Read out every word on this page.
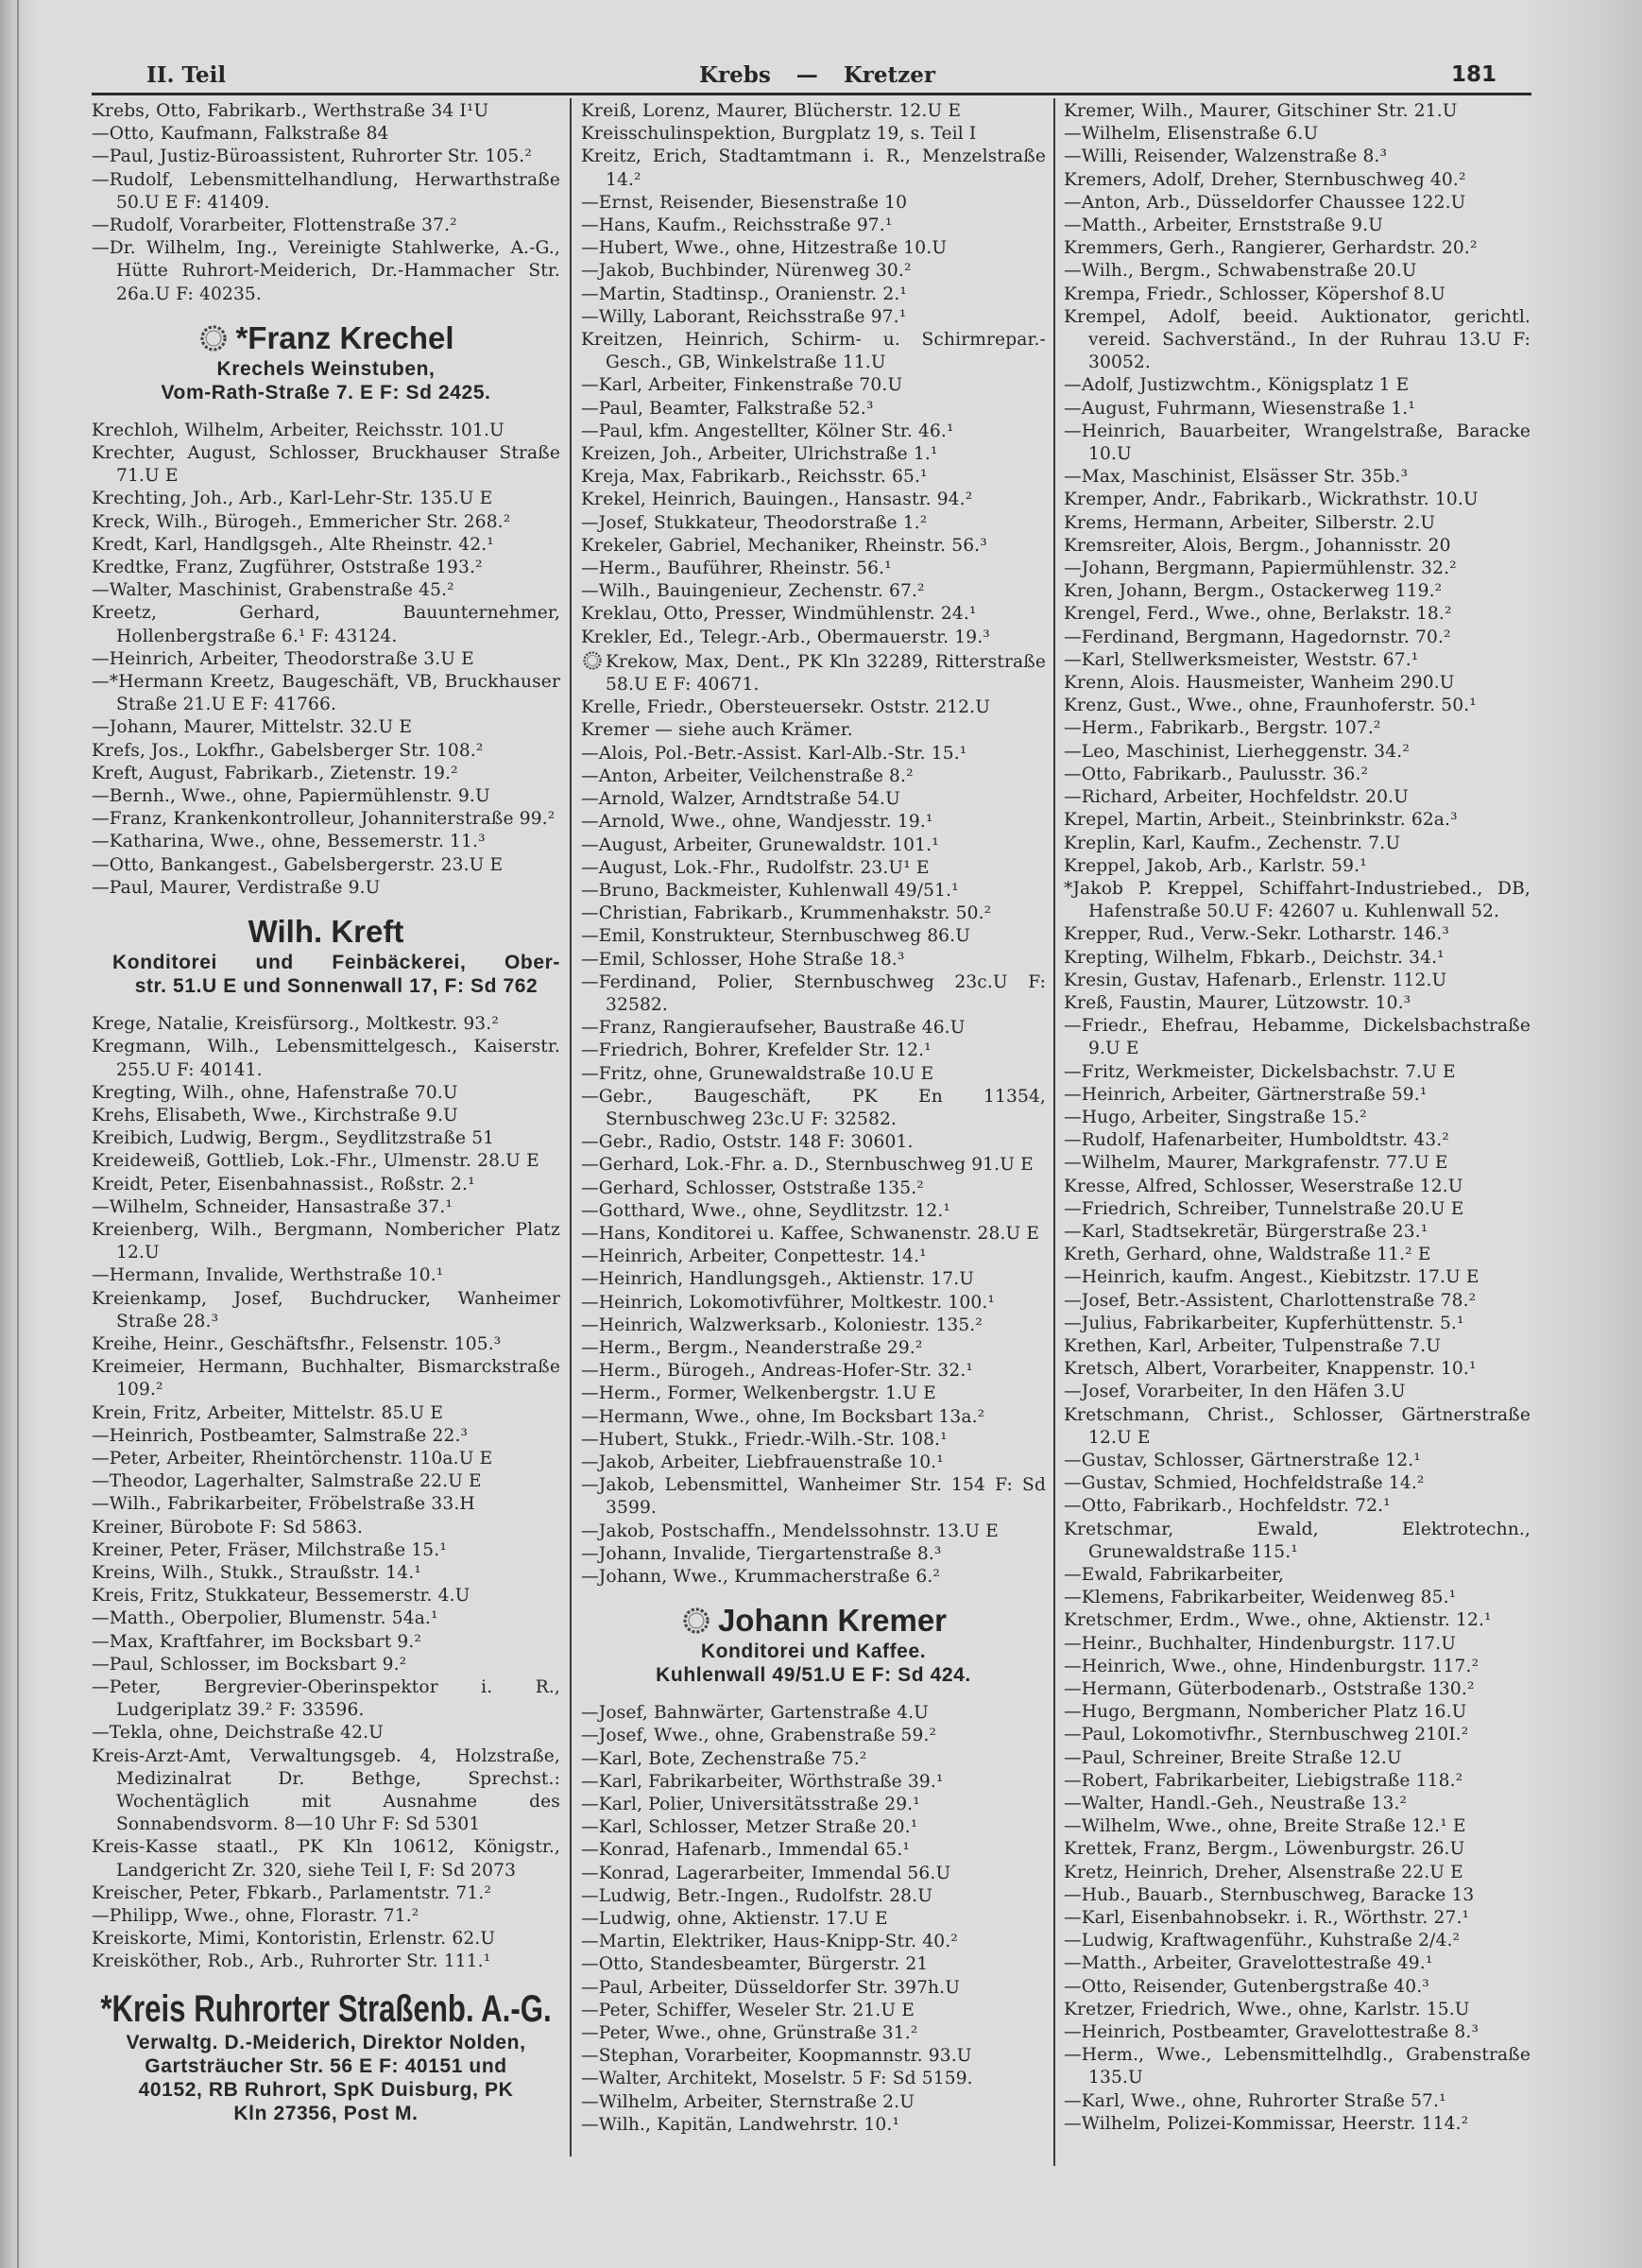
II. Teil	Krebs — Kretzer	181
Krebs, Otto, Fabrikarb., Werthstraße 34 I¹U
—Otto, Kaufmann, Falkstraße 84
—Paul, Justiz-Büroassistent, Ruhrorter Str. 105.²
—Rudolf, Lebensmittelhandlung, Herwarthstraße 50.U E F: 41409.
—Rudolf, Vorarbeiter, Flottenstraße 37.²
—Dr. Wilhelm, Ing., Vereinigte Stahlwerke, A.-G., Hütte Ruhrort-Meiderich, Dr.-Hammacher Str. 26a.U F: 40235.
*Franz Krechel
Krechels Weinstuben,
Vom-Rath-Straße 7. E F: Sd 2425.
Krechloh, Wilhelm, Arbeiter, Reichsstr. 101.U
Krechter, August, Schlosser, Bruckhauser Straße 71.U E
Krechting, Joh., Arb., Karl-Lehr-Str. 135.U E
Kreck, Wilh., Bürogeh., Emmericher Str. 268.²
Kredt, Karl, Handlgsgeh., Alte Rheinstr. 42.¹
Kredtke, Franz, Zugführer, Oststraße 193.²
—Walter, Maschinist, Grabenstraße 45.²
Kreetz, Gerhard, Bauunternehmer, Hollenbergstraße 6.¹ F: 43124.
—Heinrich, Arbeiter, Theodorstraße 3.U E
—*Hermann Kreetz, Baugeschäft, VB, Bruckhauser Straße 21.U E F: 41766.
—Johann, Maurer, Mittelstr. 32.U E
Krefs, Jos., Lokfhr., Gabelsberger Str. 108.²
Kreft, August, Fabrikarb., Zietenstr. 19.²
—Bernh., Wwe., ohne, Papiermühlenstr. 9.U
—Franz, Krankenkontrolleur, Johanniterstraße 99.²
—Katharina, Wwe., ohne, Bessemerstr. 11.³
—Otto, Bankangest., Gabelsbergerstr. 23.U E
—Paul, Maurer, Verdistraße 9.U
Wilh. Kreft
Konditorei und Feinbäckerei, Ober-
str. 51.U E und Sonnenwall 17, F: Sd 762
Krege, Natalie, Kreisfürsorg., Moltkestr. 93.²
Kregmann, Wilh., Lebensmittelgesch., Kaiserstr. 255.U F: 40141.
Kregting, Wilh., ohne, Hafenstraße 70.U
Krehs, Elisabeth, Wwe., Kirchstraße 9.U
Kreibich, Ludwig, Bergm., Seydlitzstraße 51
Kreideweiß, Gottlieb, Lok.-Fhr., Ulmenstr. 28.U E
Kreidt, Peter, Eisenbahnassist., Roßstr. 2.¹
—Wilhelm, Schneider, Hansastraße 37.¹
Kreienberg, Wilh., Bergmann, Nombericher Platz 12.U
—Hermann, Invalide, Werthstraße 10.¹
Kreienkamp, Josef, Buchdrucker, Wanheimer Straße 28.³
Kreihe, Heinr., Geschäftsfhr., Felsenstr. 105.³
Kreimeier, Hermann, Buchhalter, Bismarckstraße 109.²
Krein, Fritz, Arbeiter, Mittelstr. 85.U E
—Heinrich, Postbeamter, Salmstraße 22.³
—Peter, Arbeiter, Rheintörchenstr. 110a.U E
—Theodor, Lagerhalter, Salmstraße 22.U E
—Wilh., Fabrikarbeiter, Fröbelstraße 33.H
Kreiner, Bürobote F: Sd 5863.
Kreiner, Peter, Fräser, Milchstraße 15.¹
Kreins, Wilh., Stukk., Straußstr. 14.¹
Kreis, Fritz, Stukkateur, Bessemerstr. 4.U
—Matth., Oberpolier, Blumenstr. 54a.¹
—Max, Kraftfahrer, im Bocksbart 9.²
—Paul, Schlosser, im Bocksbart 9.²
—Peter, Bergrevier-Oberinspektor i. R., Ludgeriplatz 39.² F: 33596.
—Tekla, ohne, Deichstraße 42.U
Kreis-Arzt-Amt, Verwaltungsgeb. 4, Holzstraße, Medizinalrat Dr. Bethge, Sprechst.: Wochentäglich mit Ausnahme des Sonnabendsvorm. 8—10 Uhr F: Sd 5301
Kreis-Kasse staatl., PK Kln 10612, Königstr., Landgericht Zr. 320, siehe Teil I, F: Sd 2073
Kreischer, Peter, Fbkarb., Parlamentstr. 71.²
—Philipp, Wwe., ohne, Florastr. 71.²
Kreiskorte, Mimi, Kontoristin, Erlenstr. 62.U
Kreisköther, Rob., Arb., Ruhrorter Str. 111.¹
*Kreis Ruhrorter Straßenb. A.-G.
Verwaltg. D.-Meiderich, Direktor Nolden,
Gartsträucher Str. 56 E F: 40151 und
40152, RB Ruhrort, SpK Duisburg, PK
Kln 27356, Post M.
Kreiß, Lorenz, Maurer, Blücherstr. 12.U E
Kreisschulinspektion, Burgplatz 19, s. Teil I
Kreitz, Erich, Stadtamtmann i. R., Menzelstraße 14.²
—Ernst, Reisender, Biesenstraße 10
—Hans, Kaufm., Reichsstraße 97.¹
—Hubert, Wwe., ohne, Hitzestraße 10.U
—Jakob, Buchbinder, Nürenweg 30.²
—Martin, Stadtinsp., Oranienstr. 2.¹
—Willy, Laborant, Reichsstraße 97.¹
Kreitzen, Heinrich, Schirm- u. Schirmrepar.-Gesch., GB, Winkelstraße 11.U
—Karl, Arbeiter, Finkenstraße 70.U
—Paul, Beamter, Falkstraße 52.³
—Paul, kfm. Angestellter, Kölner Str. 46.¹
Kreizen, Joh., Arbeiter, Ulrichstraße 1.¹
Kreja, Max, Fabrikarb., Reichsstr. 65.¹
Krekel, Heinrich, Bauingen., Hansastr. 94.²
—Josef, Stukkateur, Theodorstraße 1.²
Krekeler, Gabriel, Mechaniker, Rheinstr. 56.³
—Herm., Bauführer, Rheinstr. 56.¹
—Wilh., Bauingenieur, Zechenstr. 67.²
Kreklau, Otto, Presser, Windmühlenstr. 24.¹
Krekler, Ed., Telegr.-Arb., Obermauerstr. 19.³
Krekow, Max, Dent., PK Kln 32289, Ritterstraße 58.U E F: 40671.
Krelle, Friedr., Obersteuersekr. Oststr. 212.U
Kremer — siehe auch Krämer.
—Alois, Pol.-Betr.-Assist. Karl-Alb.-Str. 15.¹
—Anton, Arbeiter, Veilchenstraße 8.²
—Arnold, Walzer, Arndtstraße 54.U
—Arnold, Wwe., ohne, Wandjesstr. 19.¹
—August, Arbeiter, Grunewaldstr. 101.¹
—August, Lok.-Fhr., Rudolfstr. 23.U¹ E
—Bruno, Backmeister, Kuhlenwall 49/51.¹
—Christian, Fabrikarb., Krummenhakstr. 50.²
—Emil, Konstrukteur, Sternbuschweg 86.U
—Emil, Schlosser, Hohe Straße 18.³
—Ferdinand, Polier, Sternbuschweg 23c.U F: 32582.
—Franz, Rangieraufseher, Baustraße 46.U
—Friedrich, Bohrer, Krefelder Str. 12.¹
—Fritz, ohne, Grunewaldstraße 10.U E
—Gebr., Baugeschäft, PK En 11354, Sternbuschweg 23c.U F: 32582.
—Gebr., Radio, Oststr. 148 F: 30601.
—Gerhard, Lok.-Fhr. a. D., Sternbuschweg 91.U E
—Gerhard, Schlosser, Oststraße 135.²
—Gotthard, Wwe., ohne, Seydlitzstr. 12.¹
—Hans, Konditorei u. Kaffee, Schwanenstr. 28.U E
—Heinrich, Arbeiter, Conpettestr. 14.¹
—Heinrich, Handlungsgeh., Aktienstr. 17.U
—Heinrich, Lokomotivführer, Moltkestr. 100.¹
—Heinrich, Walzwerksarb., Koloniestr. 135.²
—Herm., Bergm., Neanderstraße 29.²
—Herm., Bürogeh., Andreas-Hofer-Str. 32.¹
—Herm., Former, Welkenbergstr. 1.U E
—Hermann, Wwe., ohne, Im Bocksbart 13a.²
—Hubert, Stukk., Friedr.-Wilh.-Str. 108.¹
—Jakob, Arbeiter, Liebfrauenstraße 10.¹
—Jakob, Lebensmittel, Wanheimer Str. 154 F: Sd 3599.
—Jakob, Postschaffn., Mendelssohnstr. 13.U E
—Johann, Invalide, Tiergartenstraße 8.³
—Johann, Wwe., Krummacherstraße 6.²
Johann Kremer
Konditorei und Kaffee.
Kuhlenwall 49/51.U E F: Sd 424.
—Josef, Bahnwärter, Gartenstraße 4.U
—Josef, Wwe., ohne, Grabenstraße 59.²
—Karl, Bote, Zechenstraße 75.²
—Karl, Fabrikarbeiter, Wörthstraße 39.¹
—Karl, Polier, Universitätsstraße 29.¹
—Karl, Schlosser, Metzer Straße 20.¹
—Konrad, Hafenarb., Immendal 65.¹
—Konrad, Lagerarbeiter, Immendal 56.U
—Ludwig, Betr.-Ingen., Rudolfstr. 28.U
—Ludwig, ohne, Aktienstr. 17.U E
—Martin, Elektriker, Haus-Knipp-Str. 40.²
—Otto, Standesbeamter, Bürgerstr. 21
—Paul, Arbeiter, Düsseldorfer Str. 397h.U
—Peter, Schiffer, Weseler Str. 21.U E
—Peter, Wwe., ohne, Grünstraße 31.²
—Stephan, Vorarbeiter, Koopmannstr. 93.U
—Walter, Architekt, Moselstr. 5 F: Sd 5159.
—Wilhelm, Arbeiter, Sternstraße 2.U
—Wilh., Kapitän, Landwehrstr. 10.¹
Kremer, Wilh., Maurer, Gitschiner Str. 21.U
—Wilhelm, Elisenstraße 6.U
—Willi, Reisender, Walzenstraße 8.³
Kremers, Adolf, Dreher, Sternbuschweg 40.²
—Anton, Arb., Düsseldorfer Chaussee 122.U
—Matth., Arbeiter, Ernststraße 9.U
Kremmers, Gerh., Rangierer, Gerhardstr. 20.²
—Wilh., Bergm., Schwabenstraße 20.U
Krempa, Friedr., Schlosser, Köpershof 8.U
Krempel, Adolf, beeid. Auktionator, gerichtl. vereid. Sachverständ., In der Ruhrau 13.U F: 30052.
—Adolf, Justizwchtm., Königsplatz 1 E
—August, Fuhrmann, Wiesenstraße 1.¹
—Heinrich, Bauarbeiter, Wrangelstraße, Baracke 10.U
—Max, Maschinist, Elsässer Str. 35b.³
Kremper, Andr., Fabrikarb., Wickrathstr. 10.U
Krems, Hermann, Arbeiter, Silberstr. 2.U
Kremsreiter, Alois, Bergm., Johannisstr. 20
—Johann, Bergmann, Papiermühlenstr. 32.²
Kren, Johann, Bergm., Ostackerweg 119.²
Krengel, Ferd., Wwe., ohne, Berlakstr. 18.²
—Ferdinand, Bergmann, Hagedornstr. 70.²
—Karl, Stellwerksmeister, Weststr. 67.¹
Krenn, Alois. Hausmeister, Wanheim 290.U
Krenz, Gust., Wwe., ohne, Fraunhoferstr. 50.¹
—Herm., Fabrikarb., Bergstr. 107.²
—Leo, Maschinist, Lierheggenstr. 34.²
—Otto, Fabrikarb., Paulusstr. 36.²
—Richard, Arbeiter, Hochfeldstr. 20.U
Krepel, Martin, Arbeit., Steinbrinkstr. 62a.³
Kreplin, Karl, Kaufm., Zechenstr. 7.U
Kreppel, Jakob, Arb., Karlstr. 59.¹
*Jakob P. Kreppel, Schiffahrt-Industriebed., DB, Hafenstraße 50.U F: 42607 u. Kuhlenwall 52.
Krepper, Rud., Verw.-Sekr. Lotharstr. 146.³
Krepting, Wilhelm, Fbkarb., Deichstr. 34.¹
Kresin, Gustav, Hafenarb., Erlenstr. 112.U
Kreß, Faustin, Maurer, Lützowstr. 10.³
—Friedr., Ehefrau, Hebamme, Dickelsbachstraße 9.U E
—Fritz, Werkmeister, Dickelsbachstr. 7.U E
—Heinrich, Arbeiter, Gärtnerstraße 59.¹
—Hugo, Arbeiter, Singstraße 15.²
—Rudolf, Hafenarbeiter, Humboldtstr. 43.²
—Wilhelm, Maurer, Markgrafenstr. 77.U E
Kresse, Alfred, Schlosser, Weserstraße 12.U
—Friedrich, Schreiber, Tunnelstraße 20.U E
—Karl, Stadtsekretär, Bürgerstraße 23.¹
Kreth, Gerhard, ohne, Waldstraße 11.² E
—Heinrich, kaufm. Angest., Kiebitzstr. 17.U E
—Josef, Betr.-Assistent, Charlottenstraße 78.²
—Julius, Fabrikarbeiter, Kupferhüttenstr. 5.¹
Krethen, Karl, Arbeiter, Tulpenstraße 7.U
Kretsch, Albert, Vorarbeiter, Knappenstr. 10.¹
—Josef, Vorarbeiter, In den Häfen 3.U
Kretschmann, Christ., Schlosser, Gärtnerstraße 12.U E
—Gustav, Schlosser, Gärtnerstraße 12.¹
—Gustav, Schmied, Hochfeldstraße 14.²
—Otto, Fabrikarb., Hochfeldstr. 72.¹
Kretschmar, Ewald, Elektrotechn., Grunewaldstraße 115.¹
—Ewald, Fabrikarbeiter,
—Klemens, Fabrikarbeiter, Weidenweg 85.¹
Kretschmer, Erdm., Wwe., ohne, Aktienstr. 12.¹
—Heinr., Buchhalter, Hindenburgstr. 117.U
—Heinrich, Wwe., ohne, Hindenburgstr. 117.²
—Hermann, Güterbodenarb., Oststraße 130.²
—Hugo, Bergmann, Nombericher Platz 16.U
—Paul, Lokomotivfhr., Sternbuschweg 210I.²
—Paul, Schreiner, Breite Straße 12.U
—Robert, Fabrikarbeiter, Liebigstraße 118.²
—Walter, Handl.-Geh., Neustraße 13.²
—Wilhelm, Wwe., ohne, Breite Straße 12.¹ E
Krettek, Franz, Bergm., Löwenburgstr. 26.U
Kretz, Heinrich, Dreher, Alsenstraße 22.U E
—Hub., Bauarb., Sternbuschweg, Baracke 13
—Karl, Eisenbahnobsekr. i. R., Wörthstr. 27.¹
—Ludwig, Kraftwagenführ., Kuhstraße 2/4.²
—Matth., Arbeiter, Gravelottestraße 49.¹
—Otto, Reisender, Gutenbergstraße 40.³
Kretzer, Friedrich, Wwe., ohne, Karlstr. 15.U
—Heinrich, Postbeamter, Gravelottestraße 8.³
—Herm., Wwe., Lebensmittelhdlg., Grabenstraße 135.U
—Karl, Wwe., ohne, Ruhrorter Straße 57.¹
—Wilhelm, Polizei-Kommissar, Heerstr. 114.²
